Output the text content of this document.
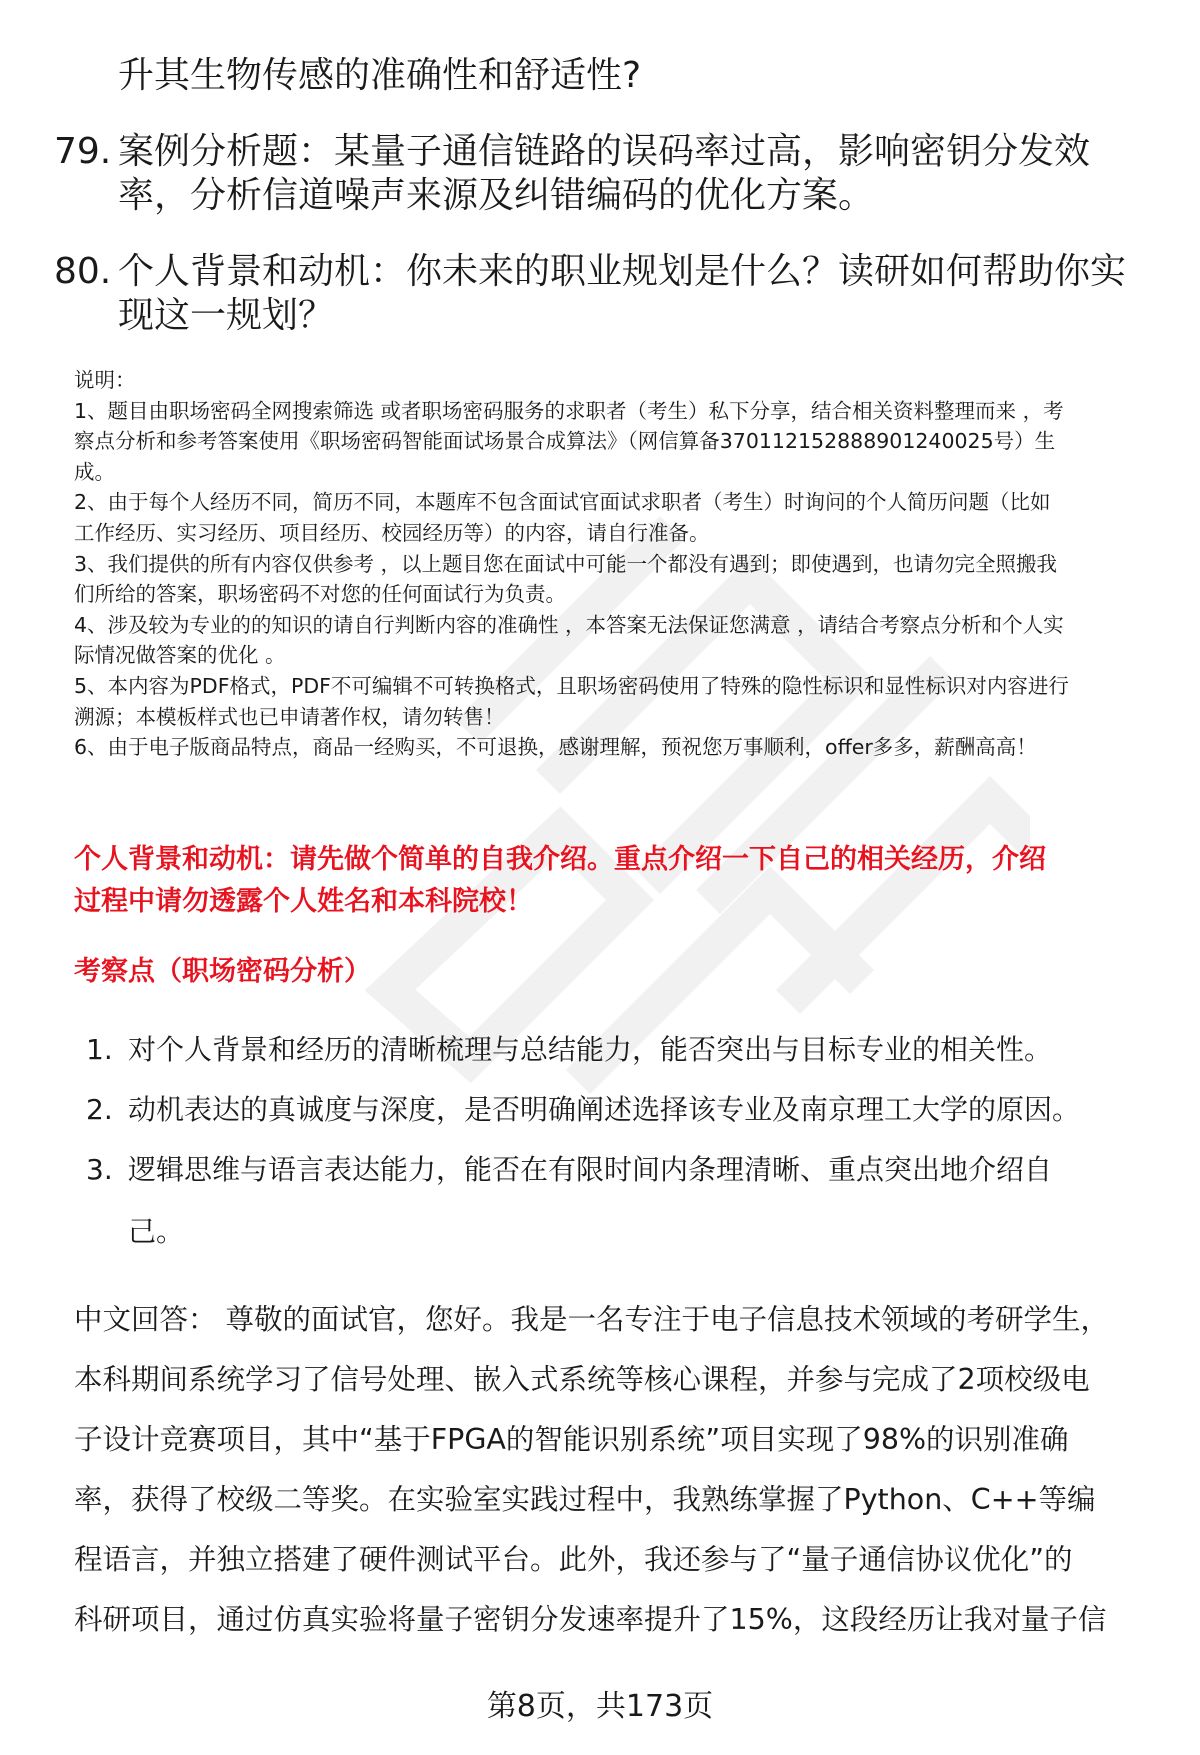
升其生物传感的准确性和舒适性?
79. 案例分析题：某量子通信链路的误码率过高，影响密钥分发效
率，分析信道噪声来源及纠错编码的优化方案。
80. 个人背景和动机：你未来的职业规划是什么？读研如何帮助你实
现这一规划？
说明：
1、题目由职场密码全网搜索筛选 或者职场密码服务的求职者（考生）私下分享，结合相关资料整理而来 ，考
察点分析和参考答案使用《职场密码智能面试场景合成算法》（网信算备370112152888901240025号）生
成。
2、由于每个人经历不同，简历不同，本题库不包含面试官面试求职者（考生）时询问的个人简历问题（比如
工作经历、实习经历、项目经历、校园经历等）的内容，请自行准备。
3、我们提供的所有内容仅供参考 ，以上题目您在面试中可能一个都没有遇到；即使遇到，也请勿完全照搬我
们所给的答案，职场密码不对您的任何面试行为负责。
4、涉及较为专业的的知识的请自行判断内容的准确性 ，本答案无法保证您满意 ，请结合考察点分析和个人实
际情况做答案的优化 。
5、本内容为PDF格式，PDF不可编辑不可转换格式，且职场密码使用了特殊的隐性标识和显性标识对内容进行
溯源；本模板样式也已申请著作权，请勿转售！
6、由于电子版商品特点，商品一经购买，不可退换，感谢理解，预祝您万事顺利，offer多多，薪酬高高！
个人背景和动机：请先做个简单的自我介绍。重点介绍一下自己的相关经历，介绍
过程中请勿透露个人姓名和本科院校！
考察点（职场密码分析）
1. 对个人背景和经历的清晰梳理与总结能力，能否突出与目标专业的相关性。
2. 动机表达的真诚度与深度，是否明确阐述选择该专业及南京理工大学的原因。
3. 逻辑思维与语言表达能力，能否在有限时间内条理清晰、重点突出地介绍自
己。
中文回答： 尊敬的面试官，您好。我是一名专注于电子信息技术领域的考研学生，
本科期间系统学习了信号处理、嵌入式系统等核心课程，并参与完成了2项校级电
子设计竞赛项目，其中“基于FPGA的智能识别系统”项目实现了98%的识别准确
率，获得了校级二等奖。在实验室实践过程中，我熟练掌握了Python、C++等编
程语言，并独立搭建了硬件测试平台。此外，我还参与了“量子通信协议优化”的
科研项目，通过仿真实验将量子密钥分发速率提升了15%，这段经历让我对量子信
第8页，共173页
